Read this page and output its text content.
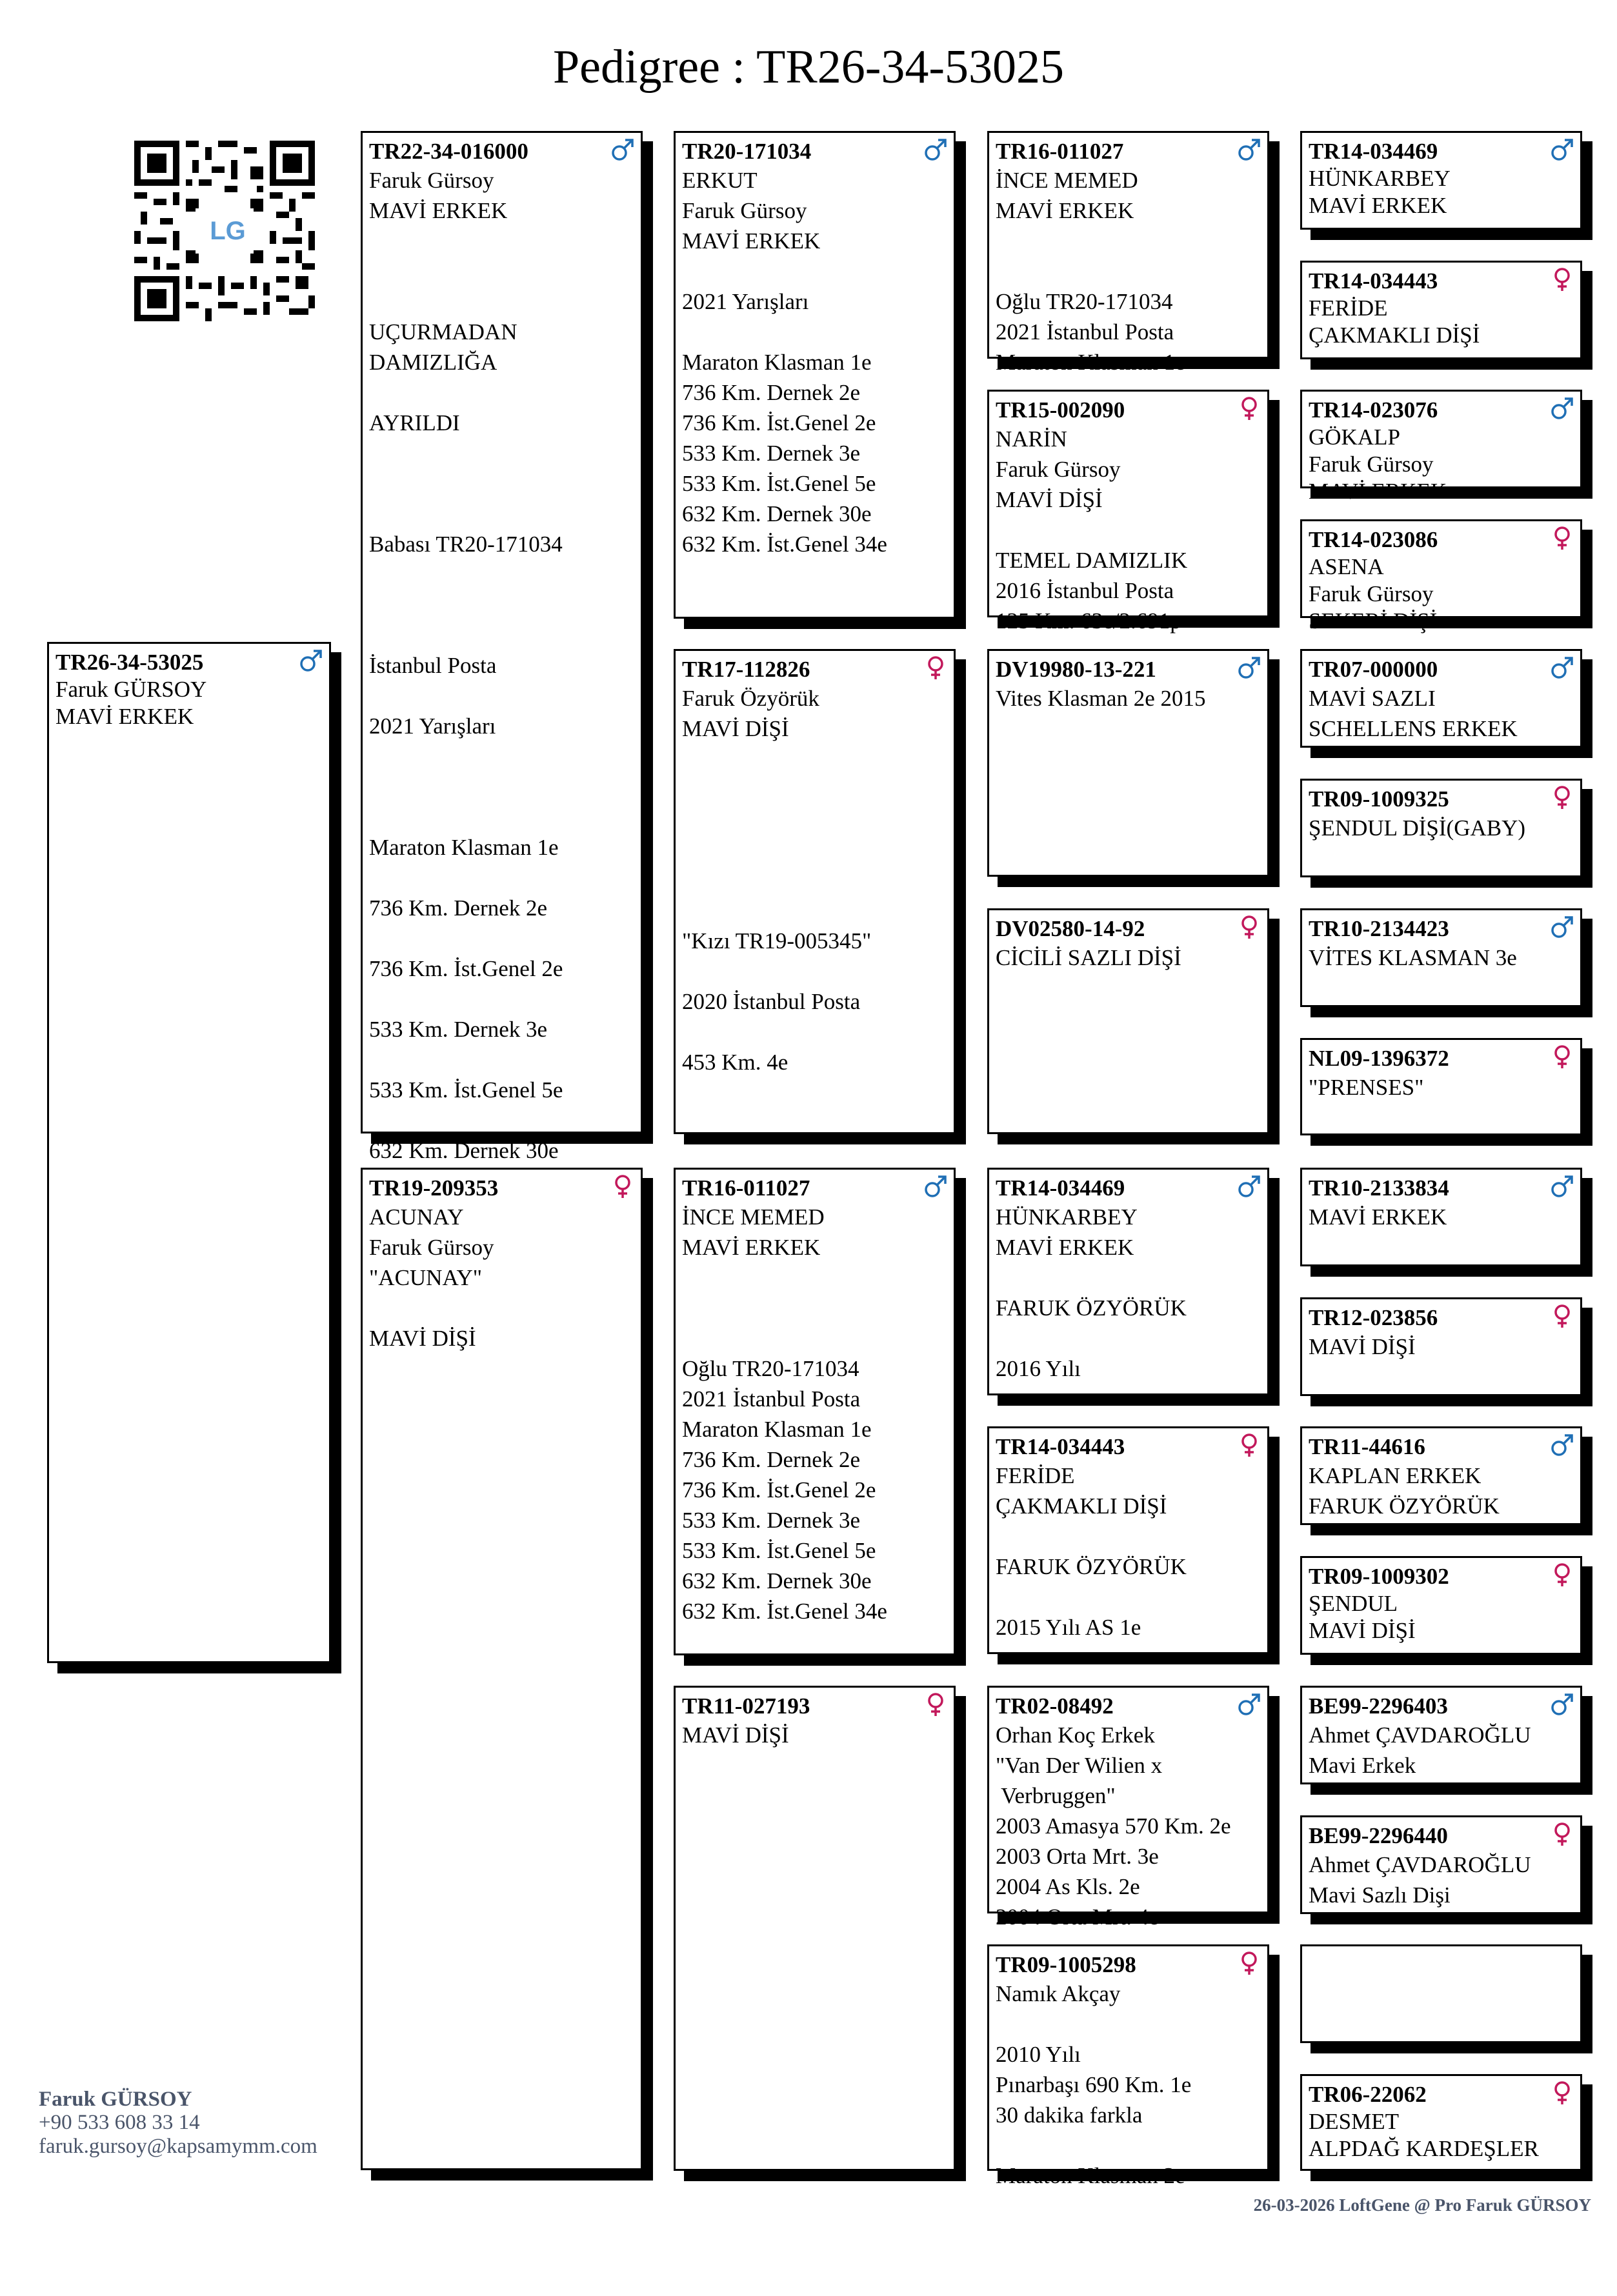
Pedigree : TR26-34-53025
LG
TR26-34-53025
Faruk GÜRSOY
MAVİ ERKEK
TR22-34-016000
Faruk Gürsoy
MAVİ ERKEK
UÇURMADAN
DAMIZLIĞA
AYRILDI
Babası TR20-171034
İstanbul Posta
2021 Yarışları
Maraton Klasman 1e
736 Km. Dernek 2e
736 Km. İst.Genel 2e
533 Km. Dernek 3e
533 Km. İst.Genel 5e
632 Km. Dernek 30e
TR19-209353
ACUNAY
Faruk Gürsoy
"ACUNAY"
MAVİ DİŞİ
TR20-171034
ERKUT
Faruk Gürsoy
MAVİ ERKEK
2021 Yarışları
Maraton Klasman 1e
736 Km. Dernek 2e
736 Km. İst.Genel 2e
533 Km. Dernek 3e
533 Km. İst.Genel 5e
632 Km. Dernek 30e
632 Km. İst.Genel 34e
TR17-112826
Faruk Özyörük
MAVİ DİŞİ
"Kızı TR19-005345"
2020 İstanbul Posta
453 Km. 4e
TR16-011027
İNCE MEMED
MAVİ ERKEK
Oğlu TR20-171034
2021 İstanbul Posta
Maraton Klasman 1e
736 Km. Dernek 2e
736 Km. İst.Genel 2e
533 Km. Dernek 3e
533 Km. İst.Genel 5e
632 Km. Dernek 30e
632 Km. İst.Genel 34e
TR11-027193
MAVİ DİŞİ
TR16-011027
İNCE MEMED
MAVİ ERKEK
Oğlu TR20-171034
2021 İstanbul Posta
Maraton Klasman 1e
TR15-002090
NARİN
Faruk Gürsoy
MAVİ DİŞİ
TEMEL DAMIZLIK
2016 İstanbul Posta
125 Km. 63e/2.691p
DV19980-13-221
Vites Klasman 2e 2015
DV02580-14-92
CİCİLİ SAZLI DİŞİ
TR14-034469
HÜNKARBEY
MAVİ ERKEK
FARUK ÖZYÖRÜK
2016 Yılı
TR14-034443
FERİDE
ÇAKMAKLI DİŞİ
FARUK ÖZYÖRÜK
2015 Yılı AS 1e
TR02-08492
Orhan Koç Erkek
"Van Der Wilien x
Verbruggen"
2003 Amasya 570 Km. 2e
2003 Orta Mrt. 3e
2004 As Kls. 2e
2004 Orta Mrt. 4e
TR09-1005298
Namık Akçay
2010 Yılı
Pınarbaşı 690 Km. 1e
30 dakika farkla
Maraton Klasman 2e
TR14-034469
HÜNKARBEY
MAVİ ERKEK
TR14-034443
FERİDE
ÇAKMAKLI DİŞİ
TR14-023076
GÖKALP
Faruk Gürsoy
MAVİ ERKEK
TR14-023086
ASENA
Faruk Gürsoy
SEKERİ DİŞİ
TR07-000000
MAVİ SAZLI
SCHELLENS ERKEK
TR09-1009325
ŞENDUL DİŞİ(GABY)
TR10-2134423
VİTES KLASMAN 3e
NL09-1396372
"PRENSES"
TR10-2133834
MAVİ ERKEK
TR12-023856
MAVİ DİŞİ
TR11-44616
KAPLAN ERKEK
FARUK ÖZYÖRÜK
TR09-1009302
ŞENDUL
MAVİ DİŞİ
BE99-2296403
Ahmet ÇAVDAROĞLU
Mavi Erkek
BE99-2296440
Ahmet ÇAVDAROĞLU
Mavi Sazlı Dişi
TR06-22062
DESMET
ALPDAĞ KARDEŞLER
Faruk GÜRSOY
+90 533 608 33 14
faruk.gursoy@kapsamymm.com
26-03-2026 LoftGene @ Pro Faruk GÜRSOY
